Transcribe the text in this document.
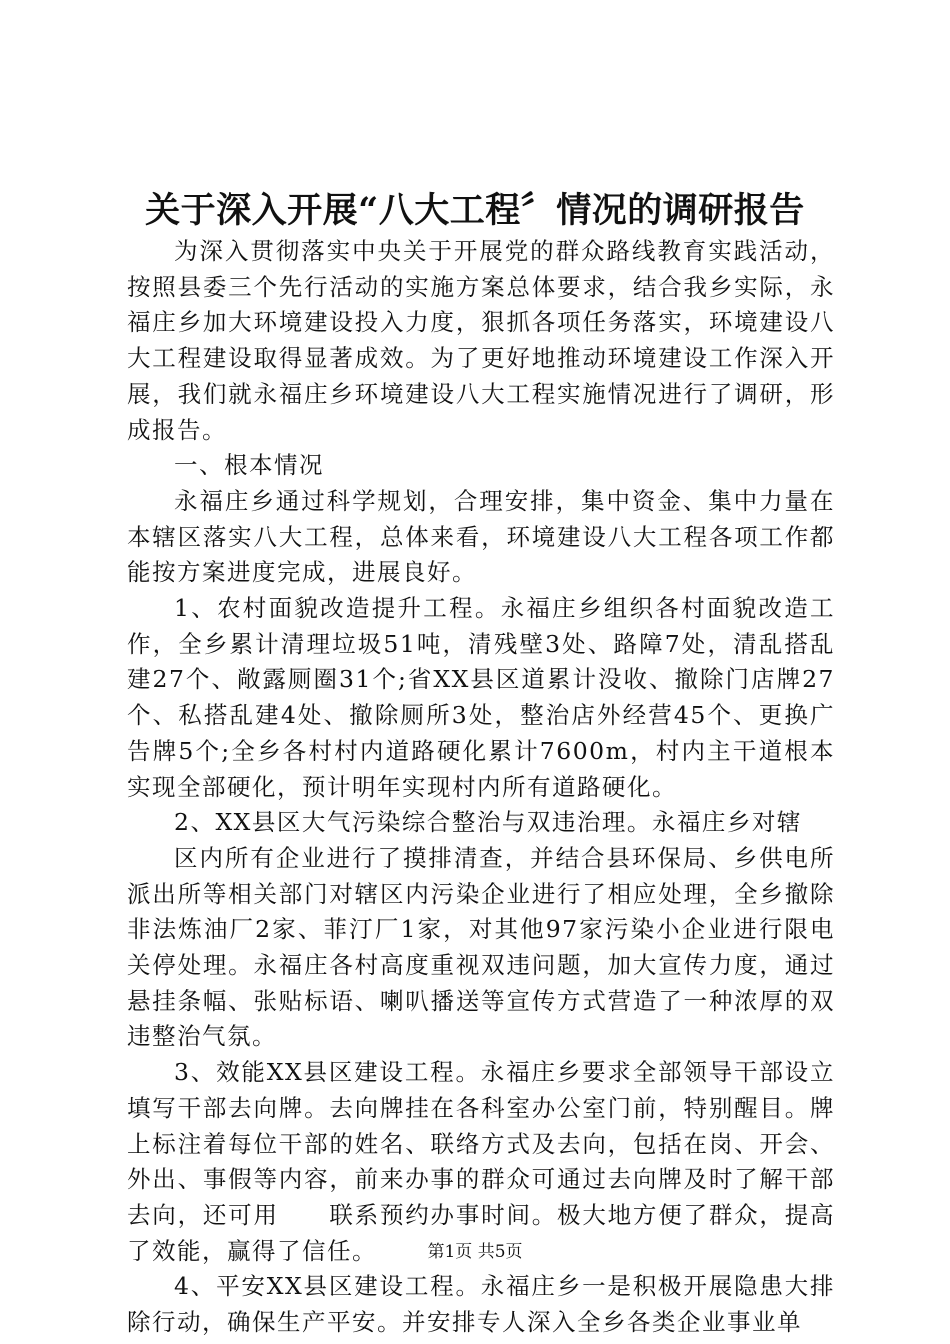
关于深入开展“八大工程〞情况的调研报告

为深入贯彻落实中央关于开展党的群众路线教育实践活动，按照县委三个先行活动的实施方案总体要求，结合我乡实际，永福庄乡加大环境建设投入力度，狠抓各项任务落实，环境建设八大工程建设取得显著成效。为了更好地推动环境建设工作深入开展，我们就永福庄乡环境建设八大工程实施情况进行了调研，形成报告。

一、根本情况

永福庄乡通过科学规划，合理安排，集中资金、集中力量在本辖区落实八大工程，总体来看，环境建设八大工程各项工作都能按方案进度完成，进展良好。

1、农村面貌改造提升工程。永福庄乡组织各村面貌改造工作，全乡累计清理垃圾51吨，清残壁3处、路障7处，清乱搭乱建27个、敞露厕圈31个;省XX县区道累计没收、撤除门店牌27个、私搭乱建4处、撤除厕所3处，整治店外经营45个、更换广告牌5个;全乡各村村内道路硬化累计7600m，村内主干道根本实现全部硬化，预计明年实现村内所有道路硬化。

2、XX县区大气污染综合整治与双违治理。永福庄乡对辖

区内所有企业进行了摸排清查，并结合县环保局、乡供电所派出所等相关部门对辖区内污染企业进行了相应处理，全乡撤除非法炼油厂2家、菲汀厂1家，对其他97家污染小企业进行限电关停处理。永福庄各村高度重视双违问题，加大宣传力度，通过悬挂条幅、张贴标语、喇叭播送等宣传方式营造了一种浓厚的双违整治气氛。

3、效能XX县区建设工程。永福庄乡要求全部领导干部设立填写干部去向牌。去向牌挂在各科室办公室门前，特别醒目。牌上标注着每位干部的姓名、联络方式及去向，包括在岗、开会、外出、事假等内容，前来办事的群众可通过去向牌及时了解干部去向，还可用　　联系预约办事时间。极大地方便了群众，提高了效能，赢得了信任。

4、平安XX县区建设工程。永福庄乡一是积极开展隐患大排除行动，确保生产平安。并安排专人深入全乡各类企业事业单

第1页 共5页
